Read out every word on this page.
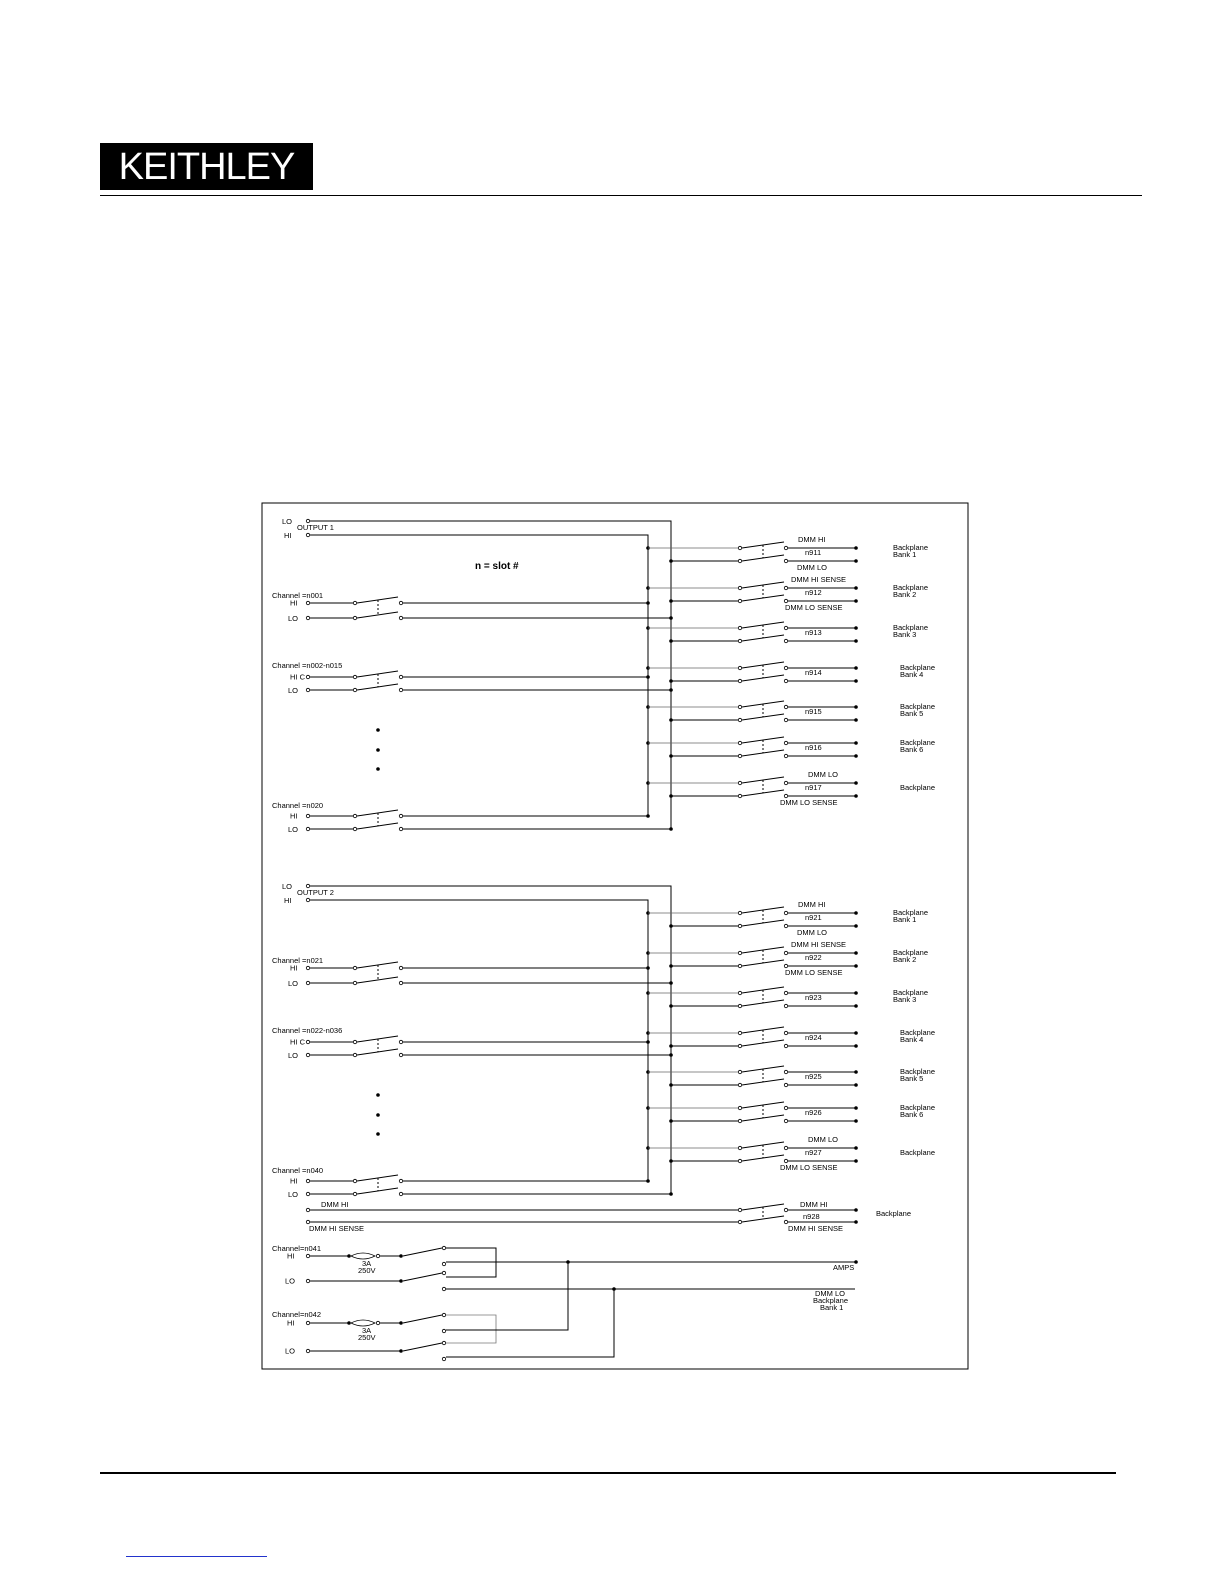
KEITHLEY
n = slot #
LO
OUTPUT 1
HI
Channel =n001
HI
LO
Channel =n002-n015
HI C
LO
Channel =n020
HI
LO
DMM HI
n911
DMM LO
Backplane
Bank 1
DMM HI SENSE
n912
DMM LO SENSE
Backplane
Bank 2
n913
Backplane
Bank 3
n914
Backplane
Bank 4
n915
Backplane
Bank 5
n916
Backplane
Bank 6
DMM LO
n917
DMM LO SENSE
Backplane
LO
OUTPUT 2
HI
Channel =n021
HI
LO
Channel =n022-n036
HI C
LO
Channel =n040
HI
LO
DMM HI
n921
DMM LO
Backplane
Bank 1
DMM HI SENSE
n922
DMM LO SENSE
Backplane
Bank 2
n923
Backplane
Bank 3
n924
Backplane
Bank 4
n925
Backplane
Bank 5
n926
Backplane
Bank 6
DMM LO
n927
DMM LO SENSE
Backplane
DMM HI
DMM HI SENSE
DMM HI
n928
DMM HI SENSE
Backplane
Channel=n041
HI
LO
3A
250V
Channel=n042
HI
LO
3A
250V
AMPS
DMM LO
Backplane
Bank 1
